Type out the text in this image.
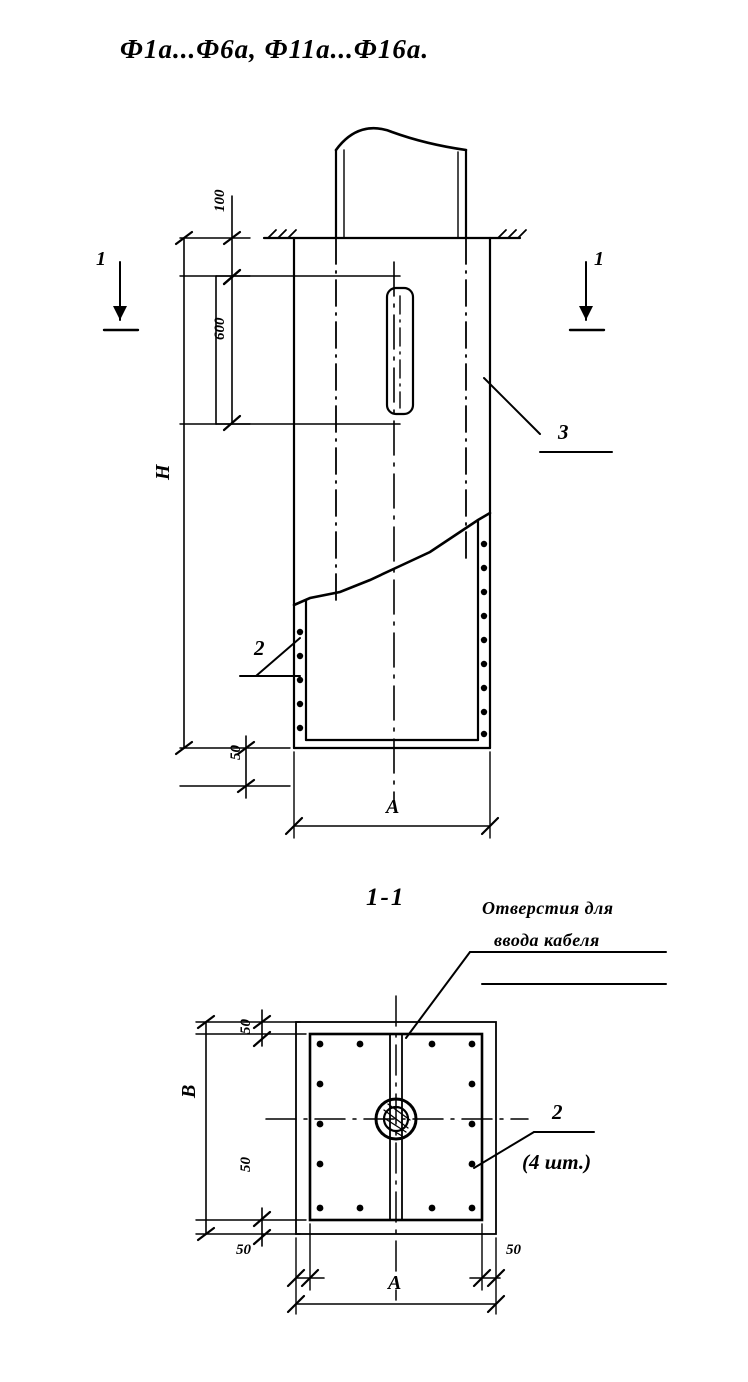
Ф1а...Ф6а, Ф11а...Ф16а.
1-1
1	1
100
600
H
50
А
3
2
Отверстия для
ввода кабеля
2
(4 шт.)
50
В
50
50	50
А
